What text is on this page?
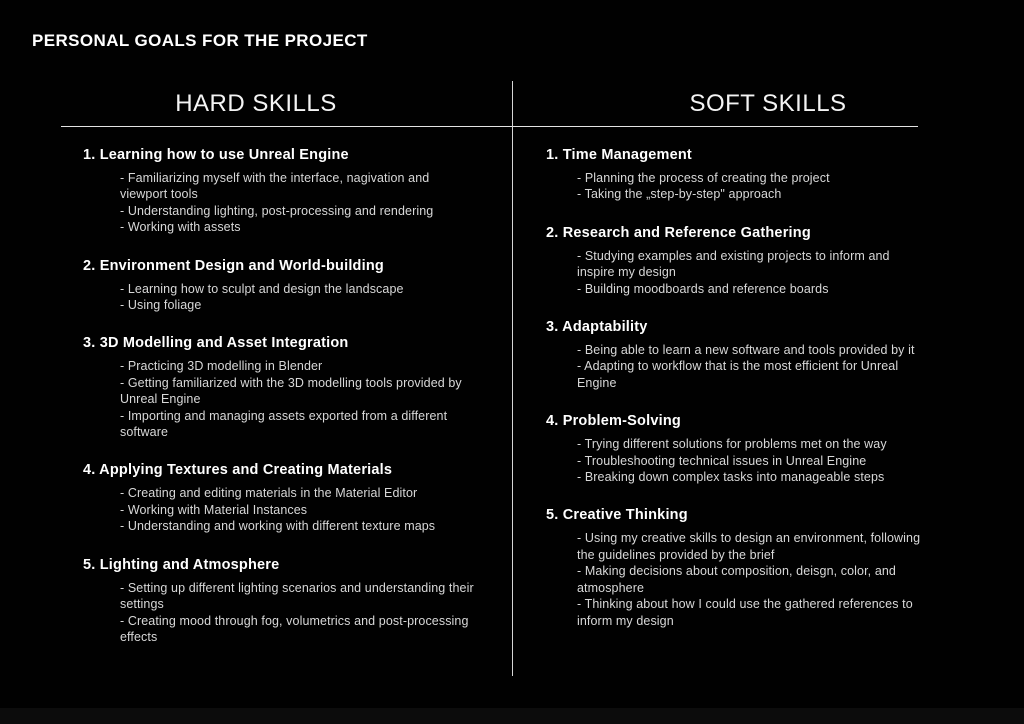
PERSONAL GOALS FOR THE PROJECT
HARD SKILLS	SOFT SKILLS
1. Learning how to use Unreal Engine
- Familiarizing myself with the interface, nagivation and viewport tools
- Understanding lighting, post-processing and rendering
- Working with assets
2. Environment Design and World-building
- Learning how to sculpt and design the landscape
- Using foliage
3. 3D Modelling and Asset Integration
- Practicing 3D modelling in Blender
- Getting familiarized with the 3D modelling tools provided by Unreal Engine
- Importing and managing assets exported from a different software
4. Applying Textures and Creating Materials
- Creating and editing materials in the Material Editor
- Working with Material Instances
- Understanding and working with different texture maps
5. Lighting and Atmosphere
- Setting up different lighting scenarios and understanding their settings
- Creating mood through fog, volumetrics and post-processing effects
1. Time Management
- Planning the process of creating the project
- Taking the „step-by-step" approach
2. Research and Reference Gathering
- Studying examples and existing projects to inform and inspire my design
- Building moodboards and reference boards
3. Adaptability
- Being able to learn a new software and tools provided by it
- Adapting to workflow that is the most efficient for Unreal Engine
4. Problem-Solving
- Trying different solutions for problems met on the way
- Troubleshooting technical issues in Unreal Engine
- Breaking down complex tasks into manageable steps
5. Creative Thinking
- Using my creative skills to design an environment, following the guidelines provided by the brief
- Making decisions about composition, deisgn, color, and atmosphere
- Thinking about how I could use the gathered references to inform my design
